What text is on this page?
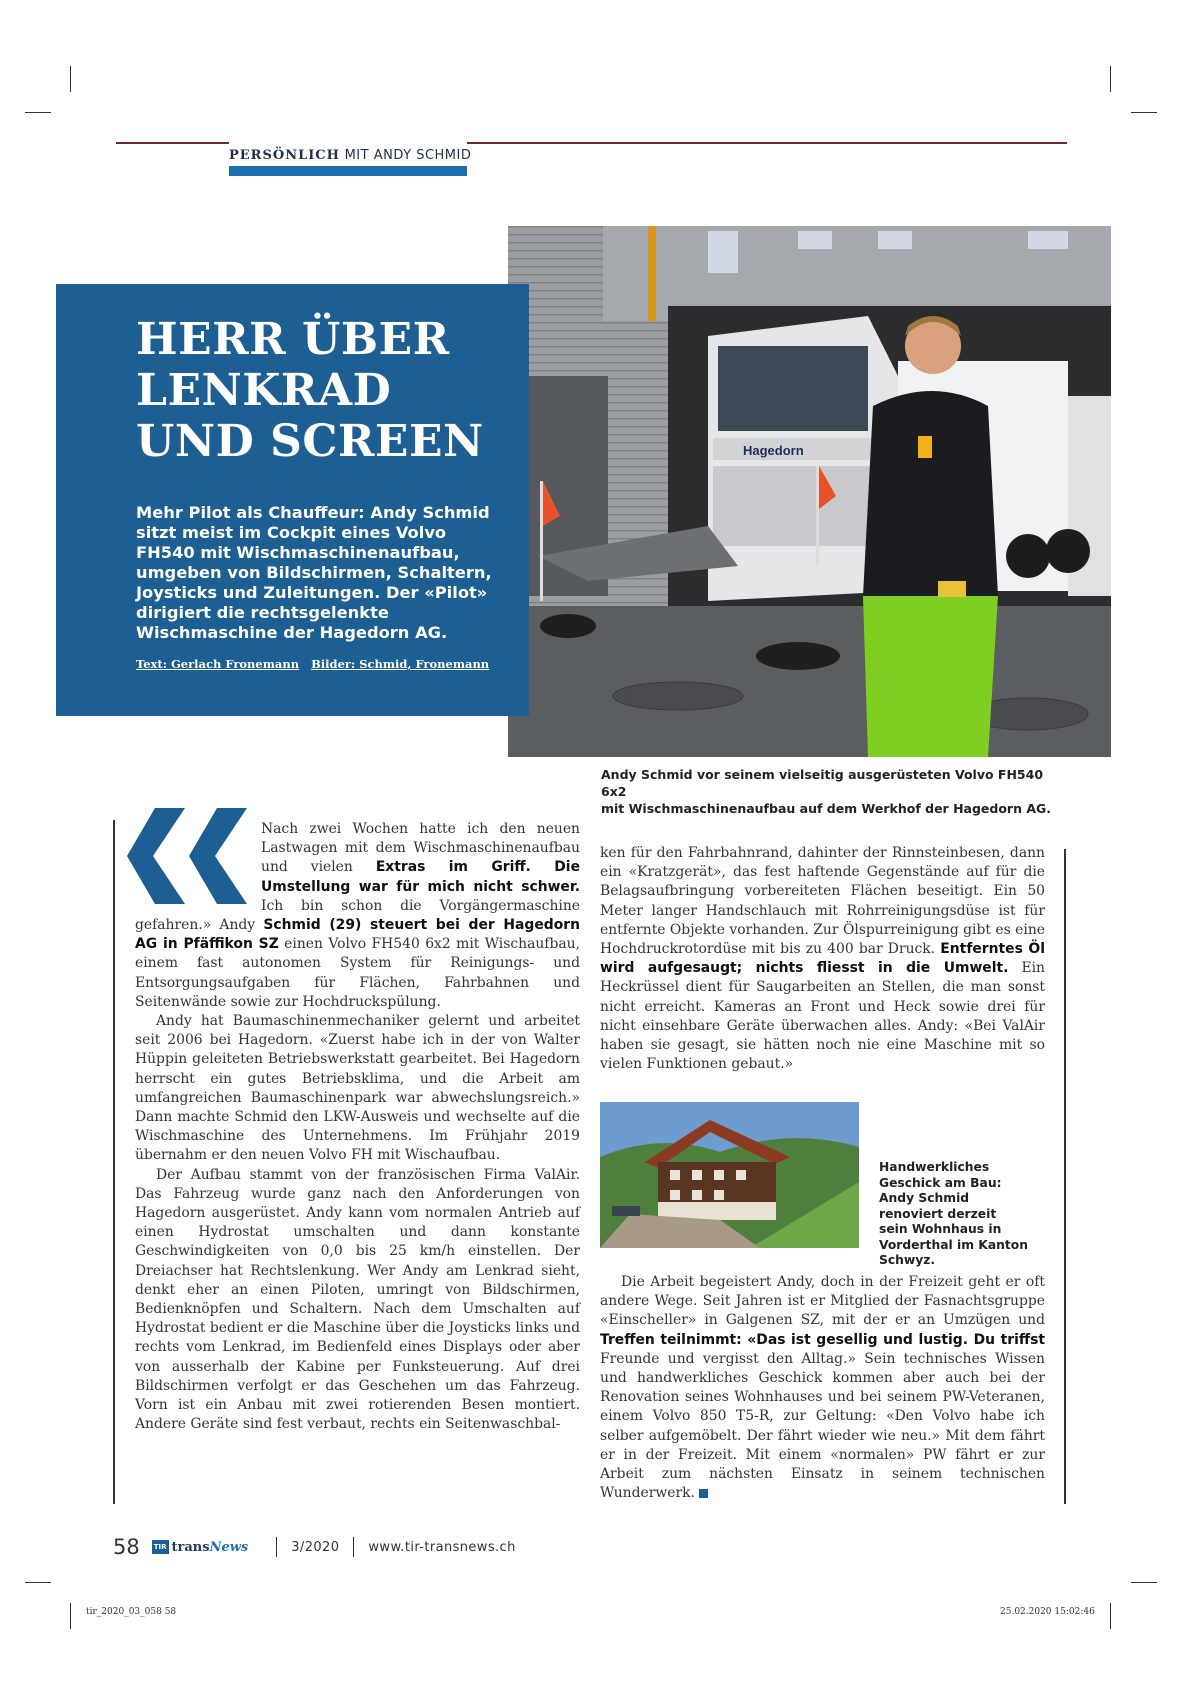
PERSÖNLICH MIT ANDY SCHMID
Hagedorn
HERR ÜBER
LENKRAD
UND SCREEN

Mehr Pilot als Chauffeur: Andy Schmid sitzt meist im Cockpit eines Volvo FH540 mit Wischmaschinenaufbau, umgeben von Bildschirmen, Schaltern, Joysticks und Zuleitungen. Der «Pilot» dirigiert die rechtsgelenkte Wischmaschine der Hagedorn AG.

Text: Gerlach Fronemann Bilder: Schmid, Fronemann

Andy Schmid vor seinem vielseitig ausgerüsteten Volvo FH540 6x2
mit Wischmaschinenaufbau auf dem Werkhof der Hagedorn AG.

Nach zwei Wochen hatte ich den neuen Lastwagen mit dem Wischmaschinenaufbau und vielen Extras im Griff. Die Umstellung war für mich nicht schwer. Ich bin schon die Vorgängermaschine gefahren.» Andy Schmid (29) steuert bei der Hagedorn AG in Pfäffikon SZ einen Volvo FH540 6x2 mit Wischaufbau, einem fast autonomen System für Reinigungs- und Entsorgungsaufgaben für Flächen, Fahrbahnen und Seitenwände sowie zur Hochdruckspülung.

Andy hat Baumaschinenmechaniker gelernt und arbeitet seit 2006 bei Hagedorn. «Zuerst habe ich in der von Walter Hüppin geleiteten Betriebswerkstatt gearbeitet. Bei Hagedorn herrscht ein gutes Betriebsklima, und die Arbeit am umfangreichen Baumaschinenpark war abwechslungsreich.» Dann machte Schmid den LKW-Ausweis und wechselte auf die Wischmaschine des Unternehmens. Im Frühjahr 2019 übernahm er den neuen Volvo FH mit Wischaufbau.

Der Aufbau stammt von der französischen Firma ValAir. Das Fahrzeug wurde ganz nach den Anforderungen von Hagedorn ausgerüstet. Andy kann vom normalen Antrieb auf einen Hydrostat umschalten und dann konstante Geschwindigkeiten von 0,0 bis 25 km/h einstellen. Der Dreiachser hat Rechtslenkung. Wer Andy am Lenkrad sieht, denkt eher an einen Piloten, umringt von Bildschirmen, Bedienknöpfen und Schaltern. Nach dem Umschalten auf Hydrostat bedient er die Maschine über die Joysticks links und rechts vom Lenkrad, im Bedienfeld eines Displays oder aber von ausserhalb der Kabine per Funksteuerung. Auf drei Bildschirmen verfolgt er das Geschehen um das Fahrzeug. Vorn ist ein Anbau mit zwei rotierenden Besen montiert. Andere Geräte sind fest verbaut, rechts ein Seitenwaschbal-

ken für den Fahrbahnrand, dahinter der Rinnsteinbesen, dann ein «Kratzgerät», das fest haftende Gegenstände auf für die Belagsaufbringung vorbereiteten Flächen beseitigt. Ein 50 Meter langer Handschlauch mit Rohrreinigungsdüse ist für entfernte Objekte vorhanden. Zur Ölspurreinigung gibt es eine Hochdruckrotordüse mit bis zu 400 bar Druck. Entferntes Öl wird aufgesaugt; nichts fliesst in die Umwelt. Ein Heckrüssel dient für Saugarbeiten an Stellen, die man sonst nicht erreicht. Kameras an Front und Heck sowie drei für nicht einsehbare Geräte überwachen alles. Andy: «Bei ValAir haben sie gesagt, sie hätten noch nie eine Maschine mit so vielen Funktionen gebaut.»

Handwerkliches Geschick am Bau: Andy Schmid renoviert derzeit sein Wohnhaus in Vorderthal im Kanton Schwyz.

Die Arbeit begeistert Andy, doch in der Freizeit geht er oft andere Wege. Seit Jahren ist er Mitglied der Fasnachtsgruppe «Einscheller» in Galgenen SZ, mit der er an Umzügen und Treffen teilnimmt: «Das ist gesellig und lustig. Du triffst Freunde und vergisst den Alltag.» Sein technisches Wissen und handwerkliches Geschick kommen aber auch bei der Renovation seines Wohnhauses und bei seinem PW-Veteranen, einem Volvo 850 T5-R, zur Geltung: «Den Volvo habe ich selber aufgemöbelt. Der fährt wieder wie neu.» Mit dem fährt er in der Freizeit. Mit einem «normalen» PW fährt er zur Arbeit zum nächsten Einsatz in seinem technischen Wunderwerk.

58 TIR transNews	3/2020 www.tir-transnews.ch
tir_2020_03_058 58	25.02.2020 15:02:46
